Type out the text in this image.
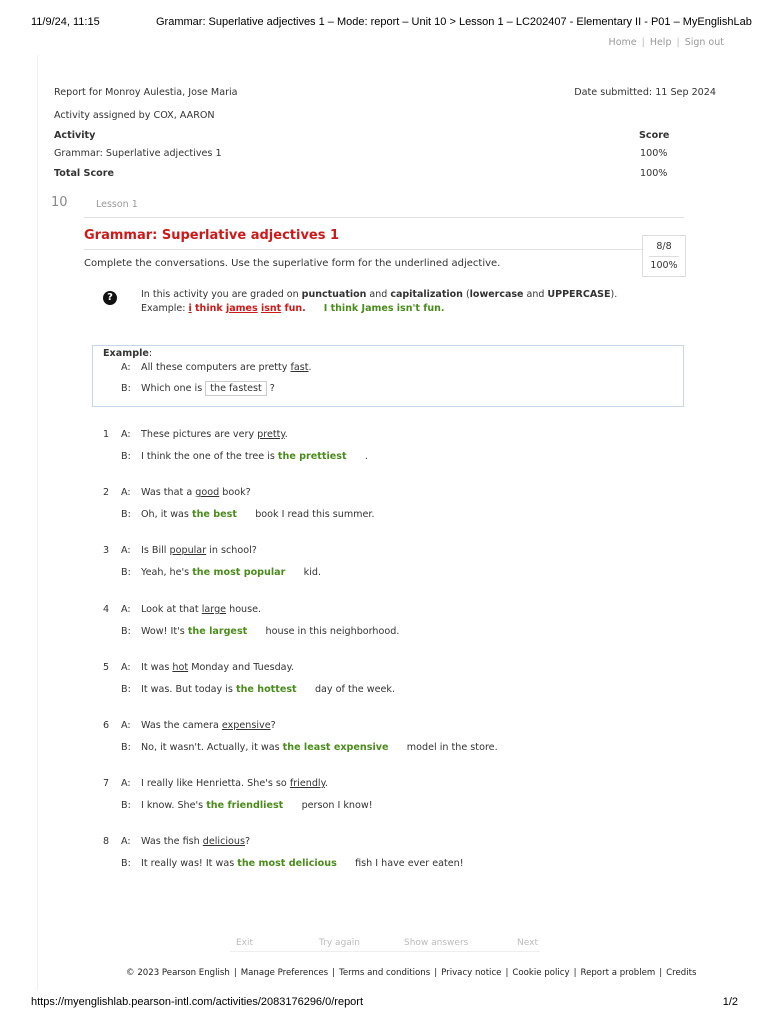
11/9/24, 11:15	Grammar: Superlative adjectives 1 – Mode: report – Unit 10 > Lesson 1 – LC202407 - Elementary II - P01 – MyEnglishLab
Home | Help | Sign out
Report for Monroy Aulestia, Jose Maria	Date submitted: 11 Sep 2024
Activity assigned by COX, AARON
Activity	Score
Grammar: Superlative adjectives 1	100%
Total Score	100%
10	Lesson 1
Grammar: Superlative adjectives 1
8/8
100%
Complete the conversations. Use the superlative form for the underlined adjective.
?	In this activity you are graded on punctuation and capitalization (lowercase and UPPERCASE).
Example: i think james isnt fun. I think James isn't fun.
Example:
A: All these computers are pretty fast.
B: Which one is the fastest ?
1 A: These pictures are very pretty.
B: I think the one of the tree is the prettiest      .
2 A: Was that a good book?
B: Oh, it was the best      book I read this summer.
3 A: Is Bill popular in school?
B: Yeah, he's the most popular      kid.
4 A: Look at that large house.
B: Wow! It's the largest      house in this neighborhood.
5 A: It was hot Monday and Tuesday.
B: It was. But today is the hottest      day of the week.
6 A: Was the camera expensive?
B: No, it wasn't. Actually, it was the least expensive      model in the store.
7 A: I really like Henrietta. She's so friendly.
B: I know. She's the friendliest      person I know!
8 A: Was the fish delicious?
B: It really was! It was the most delicious      fish I have ever eaten!
Exit	Try again	Show answers	Next
© 2023 Pearson English | Manage Preferences | Terms and conditions | Privacy notice | Cookie policy | Report a problem | Credits
https://myenglishlab.pearson-intl.com/activities/2083176296/0/report	1/2
